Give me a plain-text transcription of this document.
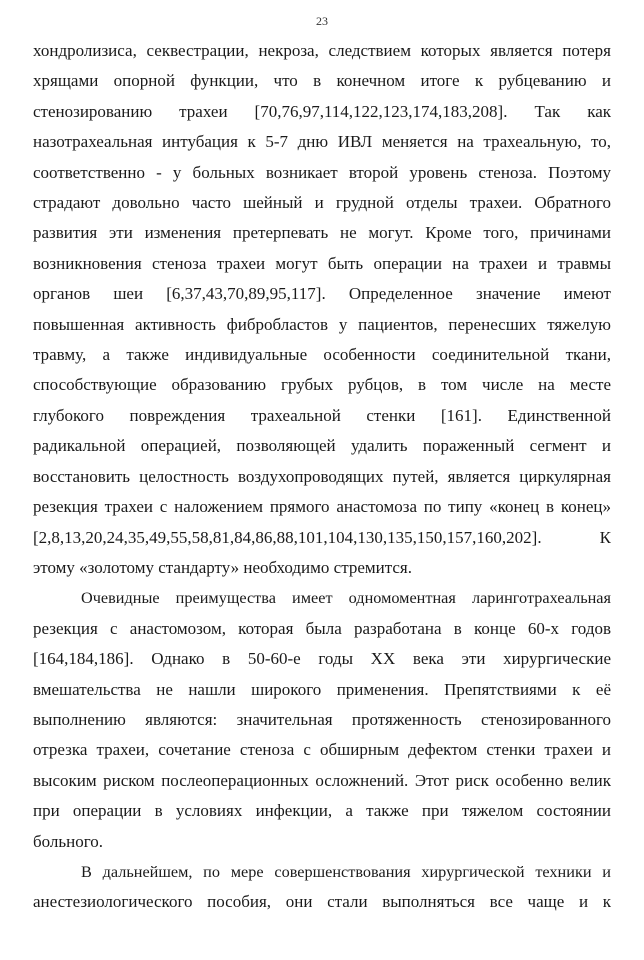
23

хондролизиса, секвестрации, некроза, следствием которых является потеря
хрящами опорной функции, что в конечном итоге к рубцеванию и
стенозированию трахеи [70,76,97,114,122,123,174,183,208]. Так как
назотрахеальная интубация к 5-7 дню ИВЛ меняется на трахеальную, то,
соответственно - у больных возникает второй уровень стеноза. Поэтому
страдают довольно часто шейный и грудной отделы трахеи. Обратного
развития эти изменения претерпевать не могут. Кроме того, причинами
возникновения стеноза трахеи могут быть операции на трахеи и травмы
органов шеи [6,37,43,70,89,95,117]. Определенное значение имеют
повышенная активность фибробластов у пациентов, перенесших тяжелую
травму, а также индивидуальные особенности соединительной ткани,
способствующие образованию грубых рубцов, в том числе на месте
глубокого повреждения трахеальной стенки [161]. Единственной
радикальной операцией, позволяющей удалить пораженный сегмент и
восстановить целостность воздухопроводящих путей, является циркулярная
резекция трахеи с наложением прямого анастомоза по типу «конец в конец»
[2,8,13,20,24,35,49,55,58,81,84,86,88,101,104,130,135,150,157,160,202]. К
этому «золотому стандарту» необходимо стремится.

Очевидные преимущества имеет одномоментная ларинготрахеальная
резекция с анастомозом, которая была разработана в конце 60-х годов
[164,184,186]. Однако в 50-60-е годы XX века эти хирургические
вмешательства не нашли широкого применения. Препятствиями к её
выполнению являются: значительная протяженность стенозированного
отрезка трахеи, сочетание стеноза с обширным дефектом стенки трахеи и
высоким риском послеоперационных осложнений. Этот риск особенно велик
при операции в условиях инфекции, а также при тяжелом состоянии
больного.

В дальнейшем, по мере совершенствования хирургической техники и
анестезиологического пособия, они стали выполняться все чаще и к
